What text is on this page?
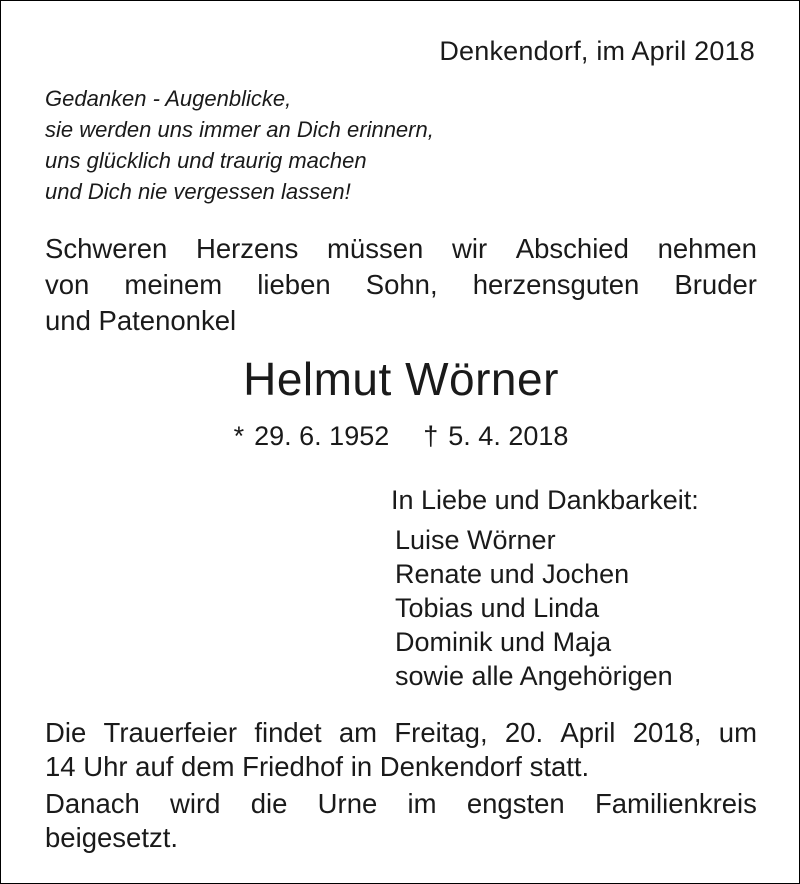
Denkendorf, im April 2018
Gedanken - Augenblicke,
sie werden uns immer an Dich erinnern,
uns glücklich und traurig machen
und Dich nie vergessen lassen!
Schweren Herzens müssen wir Abschied nehmen
von meinem lieben Sohn, herzensguten Bruder
und Patenonkel
Helmut Wörner
* 29. 6. 1952 † 5. 4. 2018
In Liebe und Dankbarkeit:
Luise Wörner
Renate und Jochen
Tobias und Linda
Dominik und Maja
sowie alle Angehörigen
Die Trauerfeier findet am Freitag, 20. April 2018, um
14 Uhr auf dem Friedhof in Denkendorf statt.
Danach wird die Urne im engsten Familienkreis
beigesetzt.
